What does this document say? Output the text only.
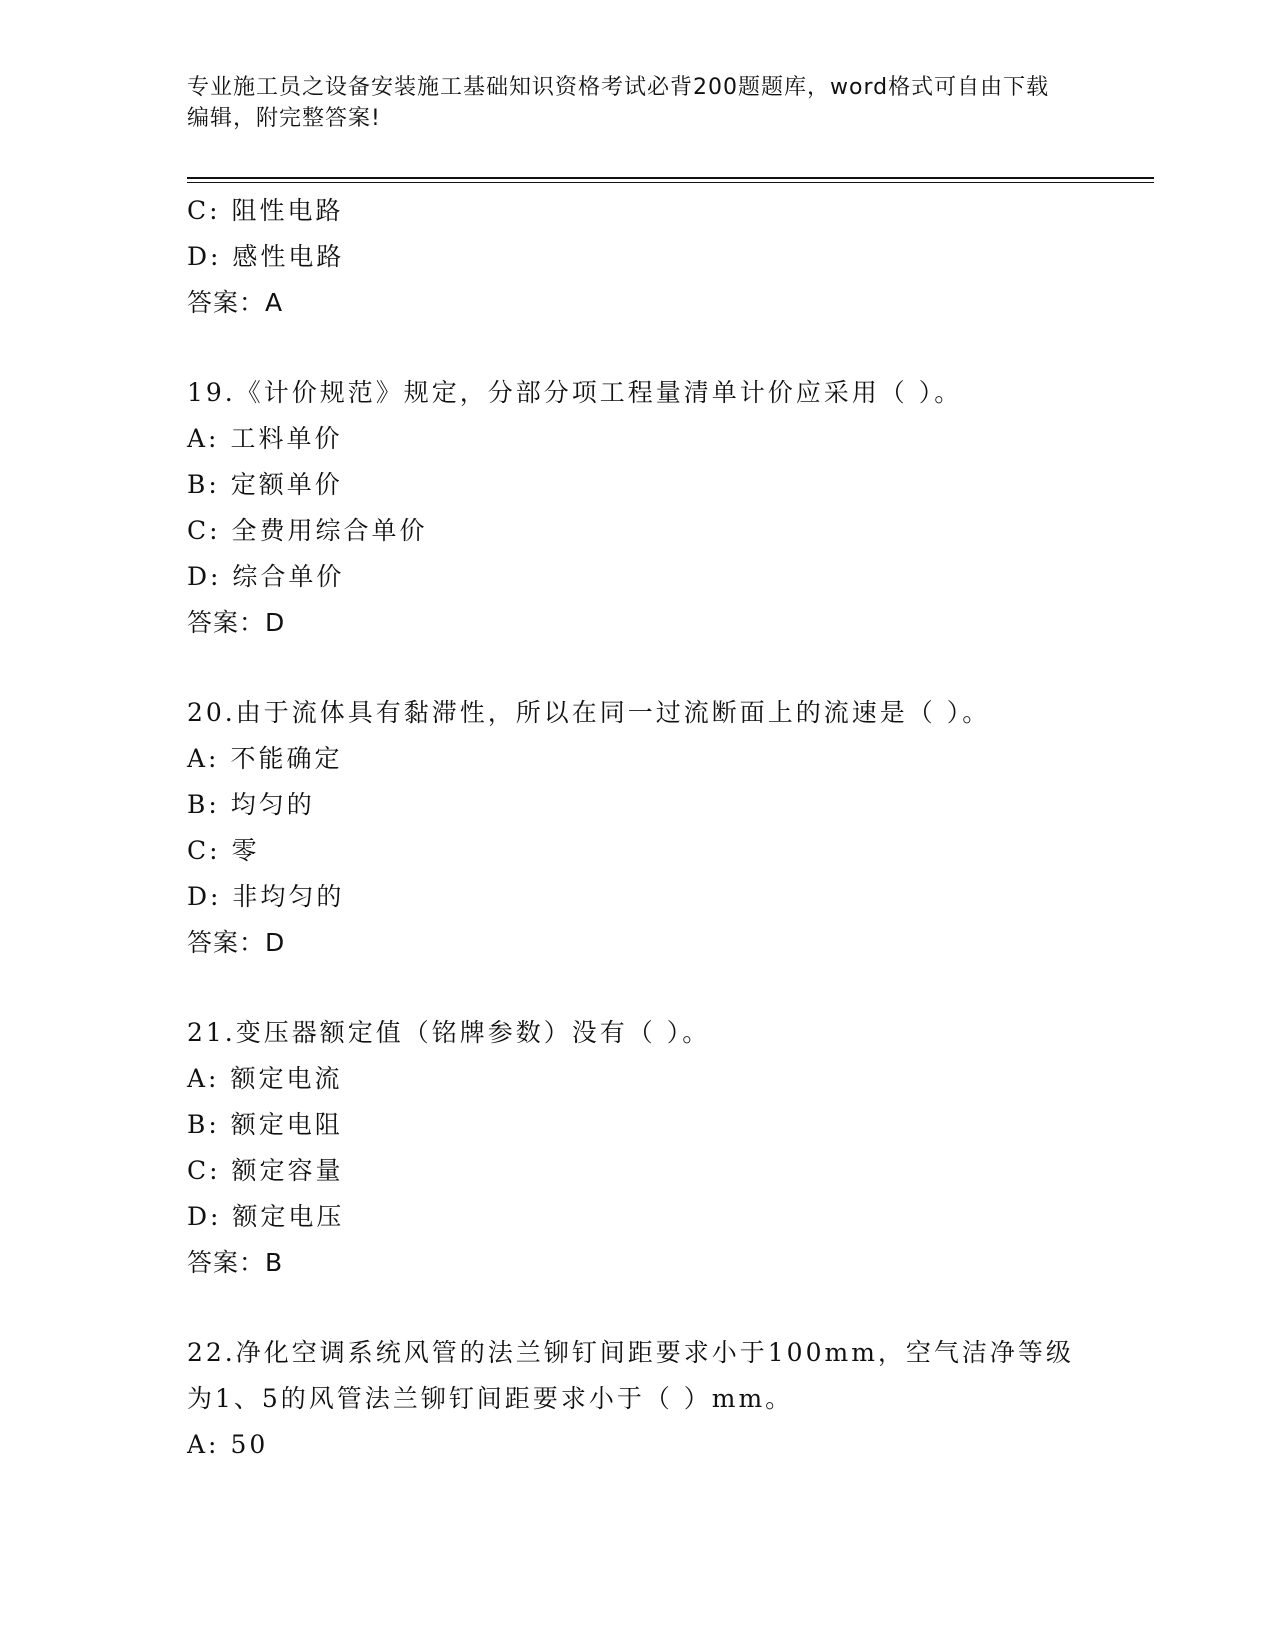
专业施工员之设备安装施工基础知识资格考试必背200题题库，word格式可自由下载编辑，附完整答案!
C: 阻性电路
D: 感性电路
答案：A
19.《计价规范》规定，分部分项工程量清单计价应采用（ ）。
A: 工料单价
B: 定额单价
C: 全费用综合单价
D: 综合单价
答案：D
20.由于流体具有黏滞性，所以在同一过流断面上的流速是（ ）。
A: 不能确定
B: 均匀的
C: 零
D: 非均匀的
答案：D
21.变压器额定值（铭牌参数）没有（ ）。
A: 额定电流
B: 额定电阻
C: 额定容量
D: 额定电压
答案：B
22.净化空调系统风管的法兰铆钉间距要求小于100mm，空气洁净等级
为1、5的风管法兰铆钉间距要求小于（ ）mm。
A: 50
